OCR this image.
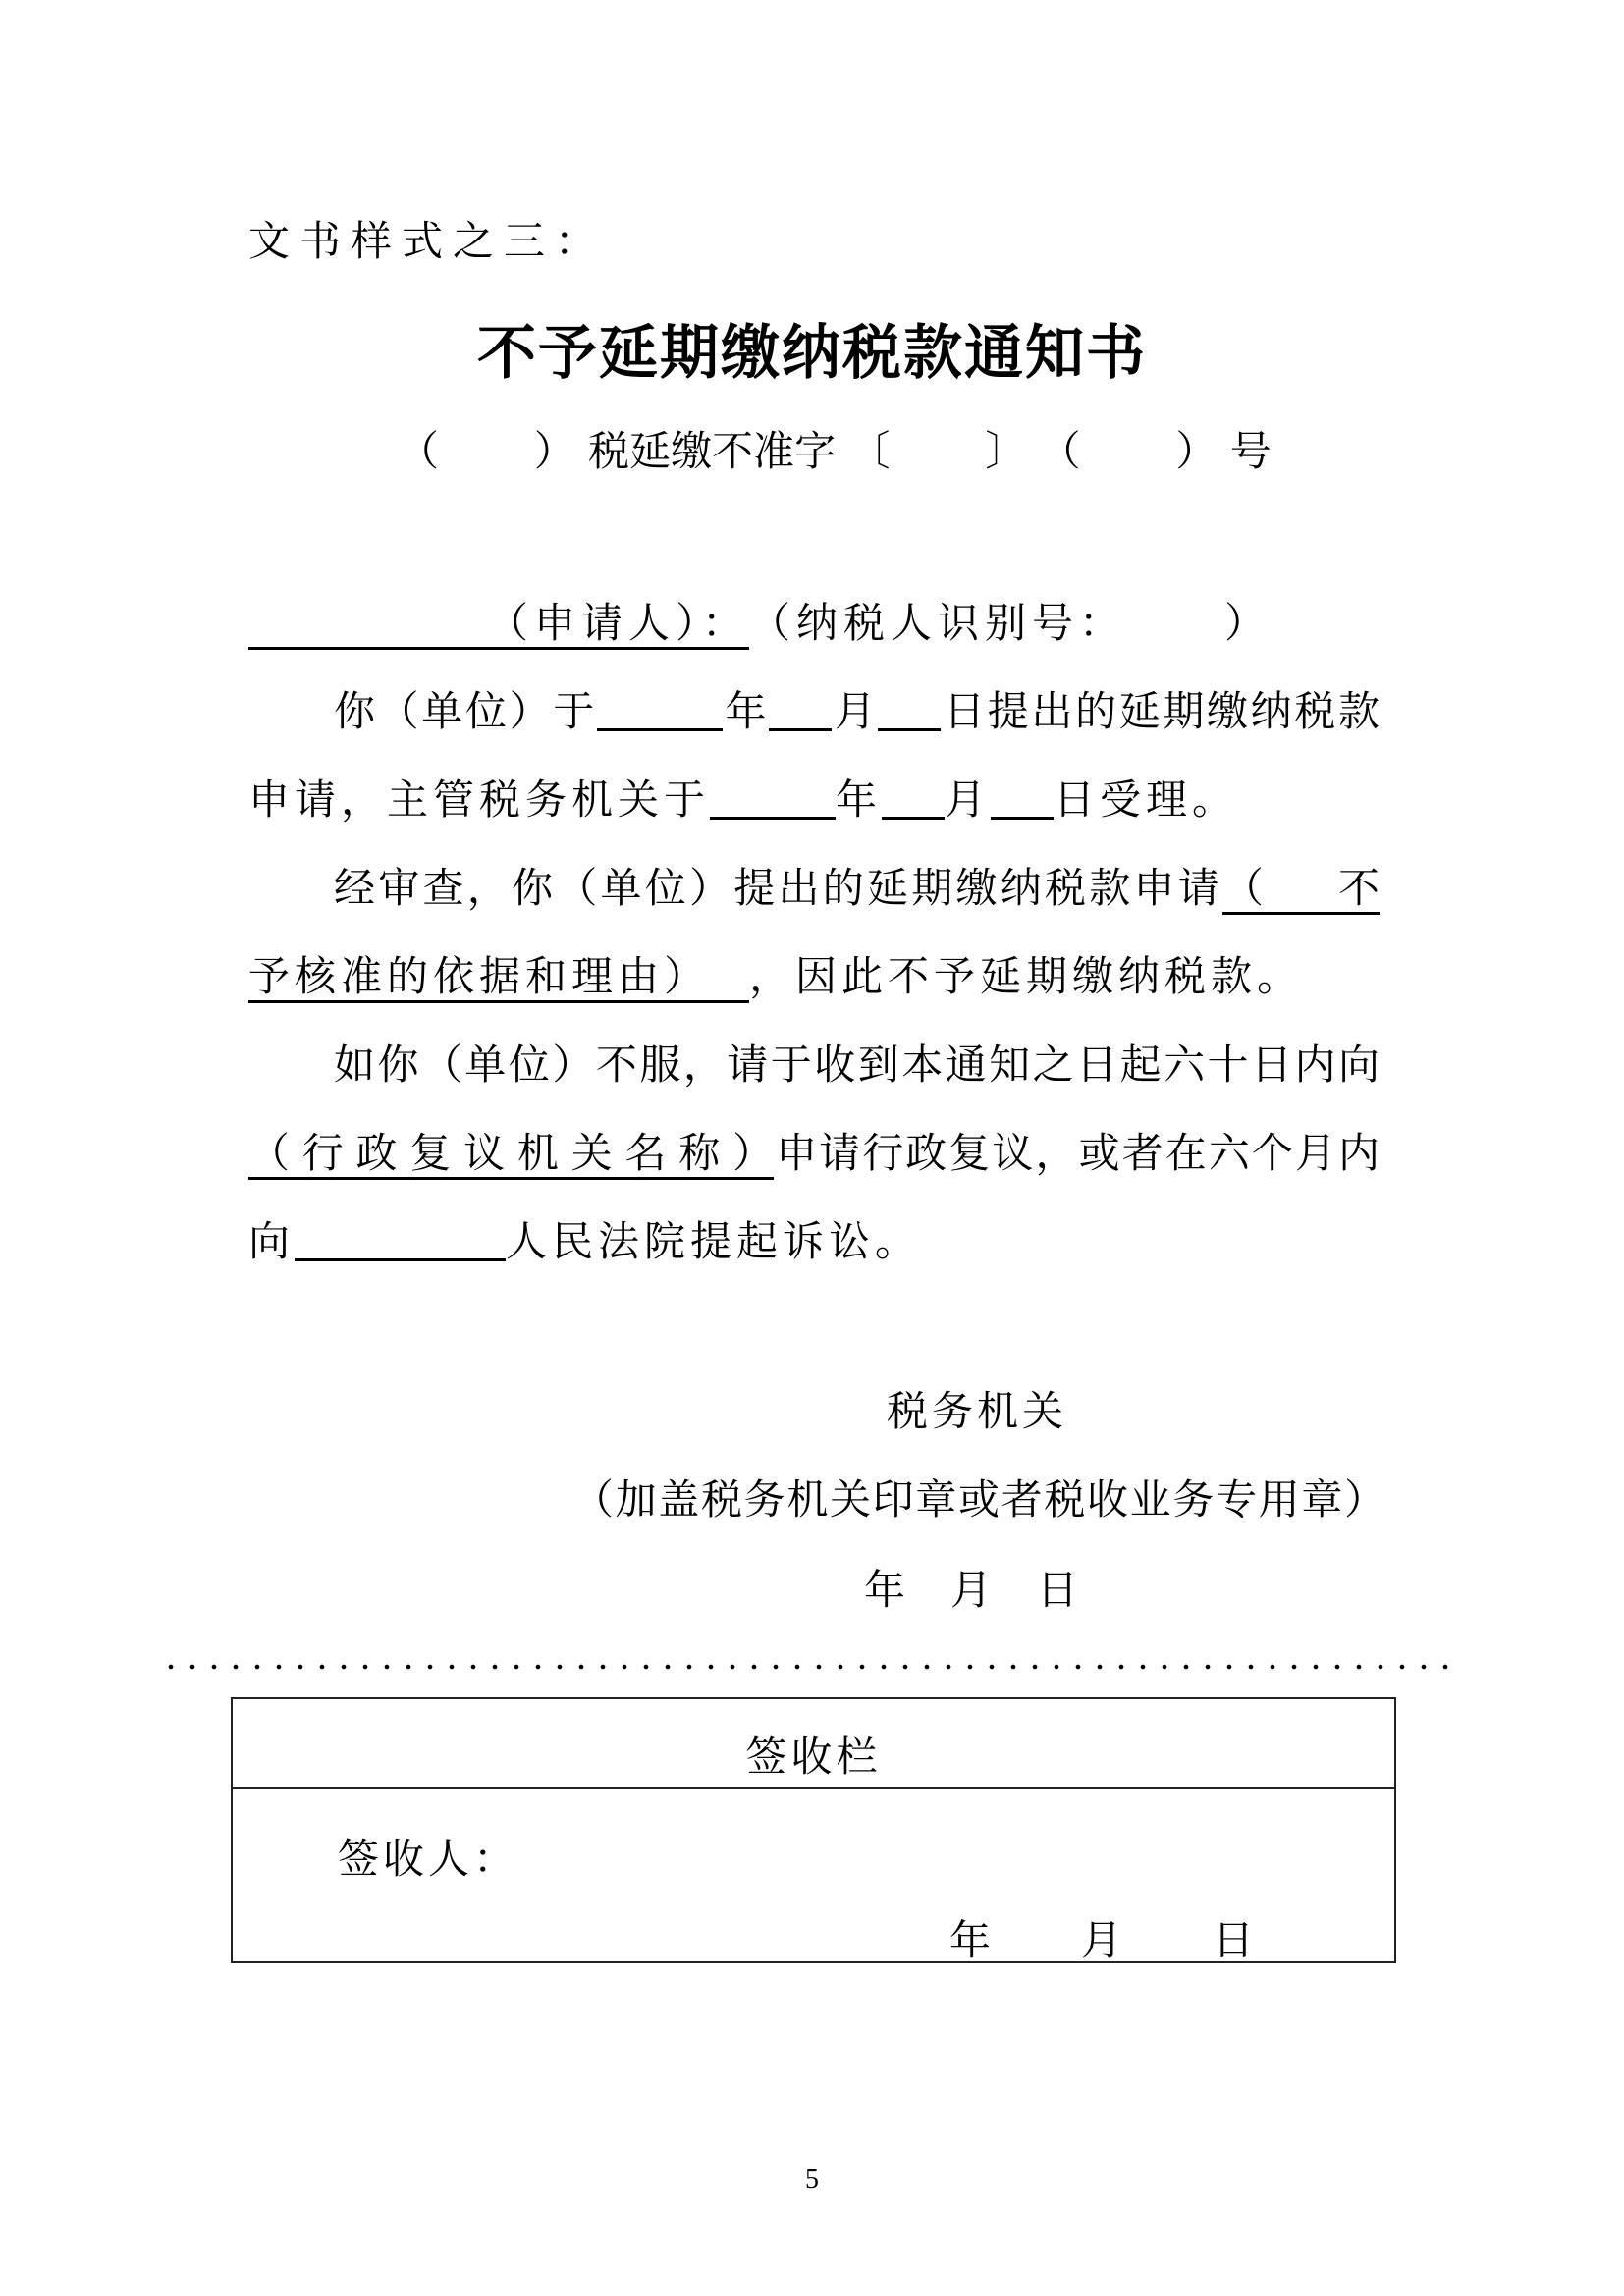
文书样式之三：
不予延期缴纳税款通知书
（ ） 税延缴不准字 〔 〕 （ ） 号
（申请人）：（纳税人识别号： ）
你（单位）于	年 月 日提出的延期缴纳税款
申请，主管税务机关于	年 月 日受理。
经审查，你（单位）提出的延期缴纳税款申请（不
予核准的依据和理由） ，因此不予延期缴纳税款。
如你（单位）不服，请于收到本通知之日起六十日内向
（行政复议机关名称）申请行政复议，或者在六个月内
向	人民法院提起诉讼。
税务机关
（加盖税务机关印章或者税收业务专用章）
年 月 日
签收栏
签收人：
年 月 日
5
